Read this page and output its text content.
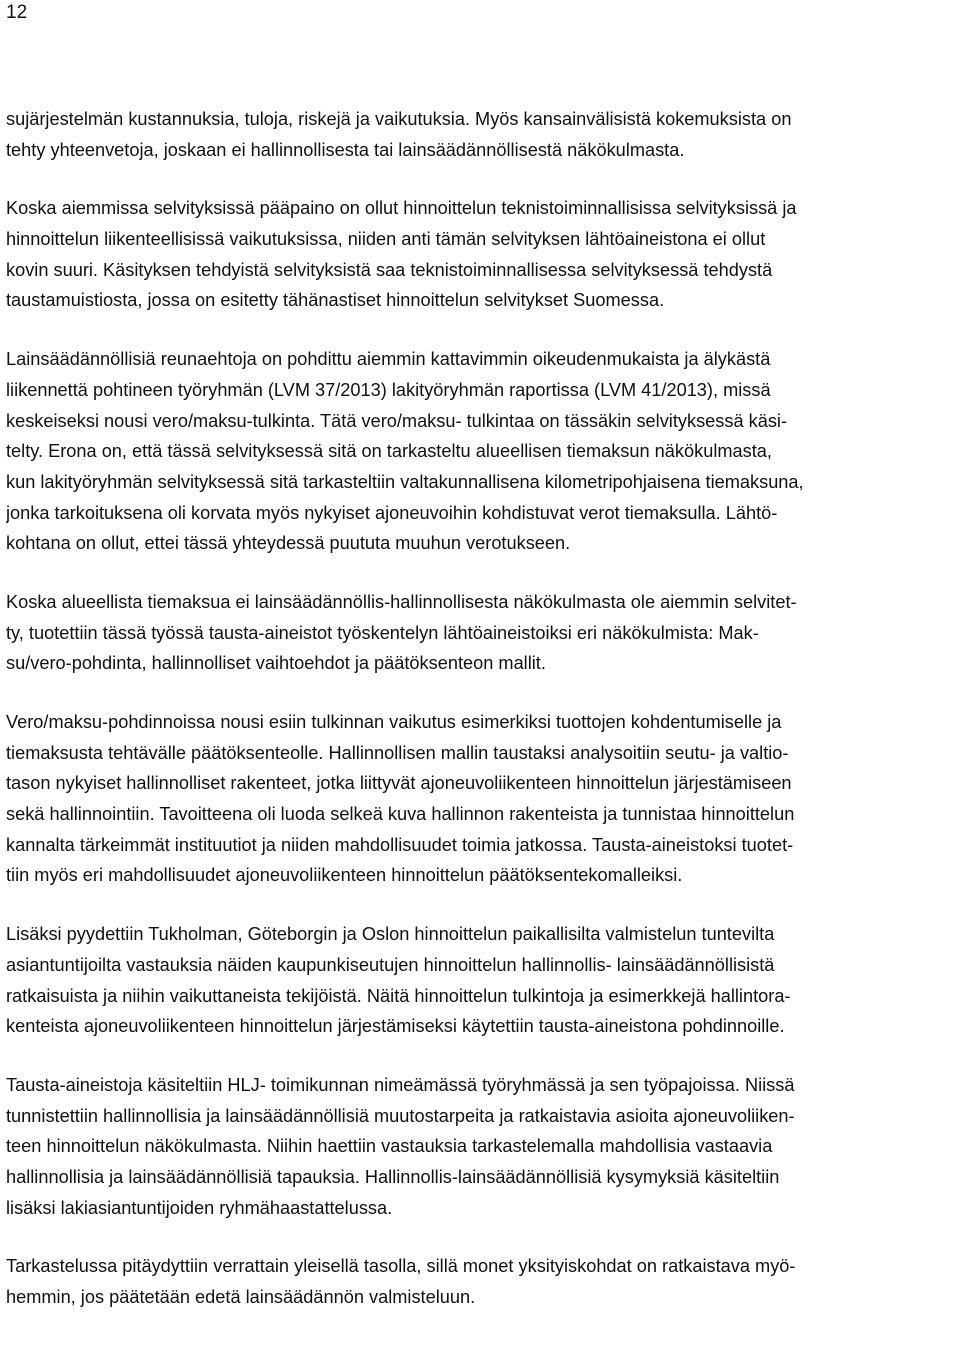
12

sujärjestelmän kustannuksia, tuloja, riskejä ja vaikutuksia. Myös kansainvälisistä kokemuksista on
tehty yhteenvetoja, joskaan ei hallinnollisesta tai lainsäädännöllisestä näkökulmasta.

Koska aiemmissa selvityksissä pääpaino on ollut hinnoittelun teknistoiminnallisissa selvityksissä ja
hinnoittelun liikenteellisissä vaikutuksissa, niiden anti tämän selvityksen lähtöaineistona ei ollut
kovin suuri. Käsityksen tehdyistä selvityksistä saa teknistoiminnallisessa selvityksessä tehdystä
taustamuistiosta, jossa on esitetty tähänastiset hinnoittelun selvitykset Suomessa.

Lainsäädännöllisiä reunaehtoja on pohdittu aiemmin kattavimmin oikeudenmukaista ja älykästä
liikennettä pohtineen työryhmän (LVM 37/2013) lakityöryhmän raportissa (LVM 41/2013), missä
keskeiseksi nousi vero/maksu-tulkinta. Tätä vero/maksu- tulkintaa on tässäkin selvityksessä käsi-
telty. Erona on, että tässä selvityksessä sitä on tarkasteltu alueellisen tiemaksun näkökulmasta,
kun lakityöryhmän selvityksessä sitä tarkasteltiin valtakunnallisena kilometripohjaisena tiemaksuna,
jonka tarkoituksena oli korvata myös nykyiset ajoneuvoihin kohdistuvat verot tiemaksulla. Lähtö-
kohtana on ollut, ettei tässä yhteydessä puututa muuhun verotukseen.

Koska alueellista tiemaksua ei lainsäädännöllis-hallinnollisesta näkökulmasta ole aiemmin selvitet-
ty, tuotettiin tässä työssä tausta-aineistot työskentelyn lähtöaineistoiksi eri näkökulmista: Mak-
su/vero-pohdinta, hallinnolliset vaihtoehdot ja päätöksenteon mallit.

Vero/maksu-pohdinnoissa nousi esiin tulkinnan vaikutus esimerkiksi tuottojen kohdentumiselle ja
tiemaksusta tehtävälle päätöksenteolle. Hallinnollisen mallin taustaksi analysoitiin seutu- ja valtio-
tason nykyiset hallinnolliset rakenteet, jotka liittyvät ajoneuvoliikenteen hinnoittelun järjestämiseen
sekä hallinnointiin. Tavoitteena oli luoda selkeä kuva hallinnon rakenteista ja tunnistaa hinnoittelun
kannalta tärkeimmät instituutiot ja niiden mahdollisuudet toimia jatkossa. Tausta-aineistoksi tuotet-
tiin myös eri mahdollisuudet ajoneuvoliikenteen hinnoittelun päätöksentekomalleiksi.

Lisäksi pyydettiin Tukholman, Göteborgin ja Oslon hinnoittelun paikallisilta valmistelun tuntevilta
asiantuntijoilta vastauksia näiden kaupunkiseutujen hinnoittelun hallinnollis- lainsäädännöllisistä
ratkaisuista ja niihin vaikuttaneista tekijöistä. Näitä hinnoittelun tulkintoja ja esimerkkejä hallintora-
kenteista ajoneuvoliikenteen hinnoittelun järjestämiseksi käytettiin tausta-aineistona pohdinnoille.

Tausta-aineistoja käsiteltiin HLJ- toimikunnan nimeämässä työryhmässä ja sen työpajoissa. Niissä
tunnistettiin hallinnollisia ja lainsäädännöllisiä muutostarpeita ja ratkaistavia asioita ajoneuvoliiken-
teen hinnoittelun näkökulmasta. Niihin haettiin vastauksia tarkastelemalla mahdollisia vastaavia
hallinnollisia ja lainsäädännöllisiä tapauksia. Hallinnollis-lainsäädännöllisiä kysymyksiä käsiteltiin
lisäksi lakiasiantuntijoiden ryhmähaastattelussa.

Tarkastelussa pitäydyttiin verrattain yleisellä tasolla, sillä monet yksityiskohdat on ratkaistava myö-
hemmin, jos päätetään edetä lainsäädännön valmisteluun.
